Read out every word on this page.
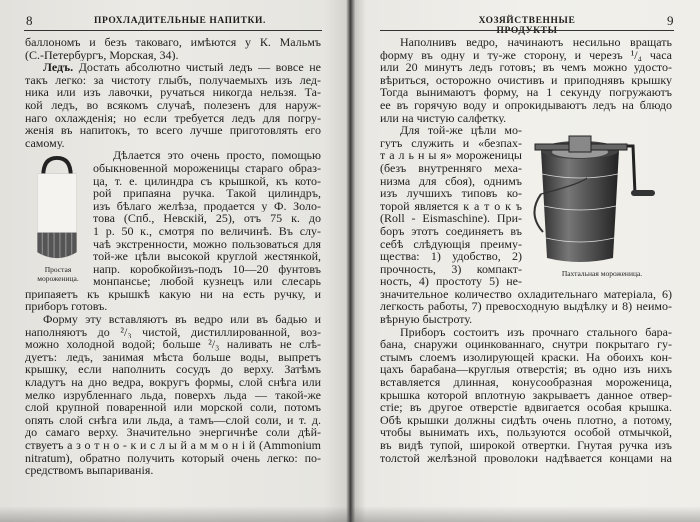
8	ПРОХЛАДИТЕЛЬНЫЕ НАПИТКИ.
баллономъ и безъ таковаго, имѣются у К. Мальмъ
(С.-Петербургъ, Морская, 34).
Ледъ. Достать абсолютно чистый ледъ — вовсе не
такъ легко: за чистоту глыбъ, получаемыхъ изъ лед-
ника или изъ лавочки, ручаться никогда нельзя. Та-
кой ледъ, во всякомъ случаѣ, полезенъ для наруж-
наго охлажденія; но если требуется ледъ для погру-
женія въ напитокъ, то всего лучше приготовлять его
самому.
Дѣлается это очень просто, помощью
обыкновенной мороженицы стараго образ-
ца, т. е. цилиндра съ крышкой, къ кото-
рой припаяна ручка. Такой цилиндръ,
изъ бѣлаго желѣза, продается у Ф. Золо-
това (Спб., Невскій, 25), отъ 75 к. до
1 р. 50 к., смотря по величинѣ. Въ слу-
чаѣ экстренности, можно пользоваться для
той-же цѣли высокой круглой жестянкой,
напр. коробкойизъ-подъ 10—20 фунтовъ
монпансье; любой кузнецъ или слесарь
припаяетъ къ крышкѣ какую ни на есть ручку, и
приборъ готовъ.
Форму эту вставляютъ въ ведро или въ бадью и
наполняютъ до ²/₃ чистой, дистиллированной, воз-
можно холодной водой; больше ²/₃ наливать не слѣ-
дуетъ: ледъ, занимая мѣста больше воды, выпретъ
крышку, если наполнить сосудъ до верху. Затѣмъ
кладутъ на дно ведра, вокругъ формы, слой снѣга или
мелко изрубленнаго льда, поверхъ льда — такой-же
слой крупной поваренной или морской соли, потомъ
опять слой снѣга или льда, а тамъ—слой соли, и т. д.
до самаго верху. Значительно энергичнѣе соли дѣй-
ствуетъ а з о т н о - к и с л ы й а м м о н і й (Ammonium
nitratum), обратно получить который очень легко: по-
средствомъ выпариванія.
Простая мороженица.
ХОЗЯЙСТВЕННЫЕ ПРОДУКТЫ
9
Наполнивъ ведро, начинаютъ несильно вращать
форму въ одну и ту-же сторону, и черезъ ¹/₄ часа
или 20 минутъ ледъ готовъ; въ чемъ можно удосто-
вѣриться, осторожно очистивъ и приподнявъ крышку
Тогда вынимаютъ форму, на 1 секунду погружаютъ
ее въ горячую воду и опрокидываютъ ледъ на блюдо
или на чистую салфетку.
Для той-же цѣли мо-
гутъ служить и «безпах-
т а л ь н ы я» мороженицы
(безъ внутренняго меха-
низма для сбоя), однимъ
изъ лучшихъ типовъ ко-
торой является к а т о к ъ
(Roll - Eismaschine). При-
боръ этотъ соединяетъ въ
себѣ слѣдующія преиму-
щества: 1) удобство, 2)
прочность, 3) компакт-
ность, 4) простоту 5) не-
значительное количество охладительнаго матеріала, 6)
легкость работы, 7) превосходную выдѣлку и 8) неимо-
вѣрную быстроту.
Приборъ состоитъ изъ прочнаго стального бара-
бана, снаружи оцинкованнаго, снутри покрытаго гу-
стымъ слоемъ изолирующей краски. На обоихъ кон-
цахъ барабана—круглыя отверстія; въ одно изъ нихъ
вставляется длинная, конусообразная мороженица,
крышка которой вплотную закрываетъ данное отвер-
стіе; въ другое отверстіе вдвигается особая крышка.
Обѣ крышки должны сидѣть очень плотно, а потому,
чтобы вынимать ихъ, пользуются особой отмычкой,
въ видѣ тупой, широкой отвертки. Гнутая ручка изъ
толстой желѣзной проволоки надѣвается концами на
Пахтальная мороженица.
